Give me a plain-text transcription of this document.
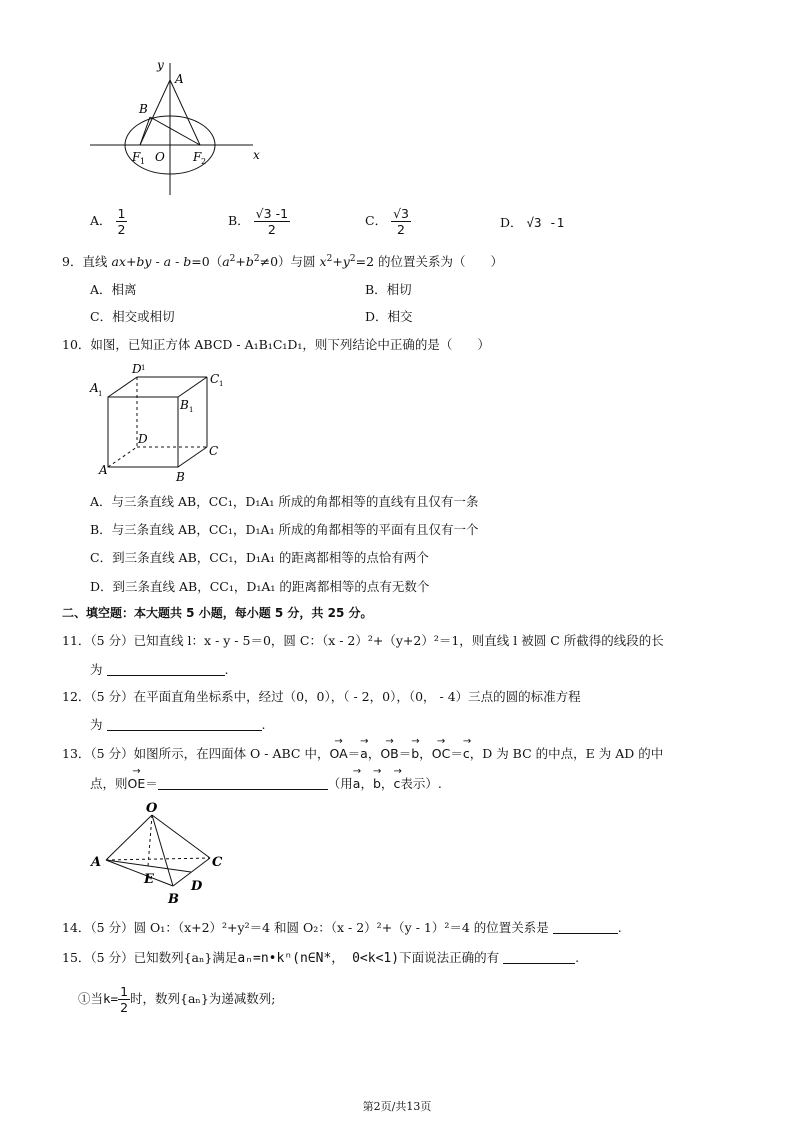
y
A
B
F 1 O F 2	x
A． $\frac{1}{2}$	B． $\frac{√3 -1}{2}$	C． $\frac{√3}{2}$	D． √3 -1
9．直线 $ax+by - a - b=0(a^2+b^2\ne 0)$与圆 $x^2+y^2=2$ 的位置关系为（　　）
A．相离	B．相切
C．相交或相切	D．相交
10．如图，已知正方体 ABCD - A₁B₁C₁D₁，则下列结论中正确的是（　　）
D 1
C 1
A 1
B 1
D
C
A	B
A．与三条直线 AB，CC₁，D₁A₁ 所成的角都相等的直线有且仅有一条
B．与三条直线 AB，CC₁，D₁A₁ 所成的角都相等的平面有且仅有一个
C．到三条直线 AB，CC₁，D₁A₁ 的距离都相等的点恰有两个
D．到三条直线 AB，CC₁，D₁A₁ 的距离都相等的点有无数个
二、填空题：本大题共 5 小题，每小题 5 分，共 25 分。
11．（5 分）已知直线 l：x - y - 5＝0，圆 C：（x - 2）²+（y+2）²＝1，则直线 l 被圆 C 所截得的线段的长
为	.
12．（5 分）在平面直角坐标系中，经过（0，0），（ - 2，0），（0， - 4）三点的圆的标准方程
为	.
13．（5 分）如图所示，在四面体 O - ABC 中，→ OA＝→ a，→ OB＝→ b，→ OC＝→ c，D 为 BC 的中点，E 为 AD 的中
点，则→ OE＝	（用→ a，→ b，→ c表示）.
O
A	C
E	D
B
14．（5 分）圆 O₁：（x+2）²+y²＝4 和圆 O₂：（x - 2）²+（y - 1）²＝4 的位置关系是	.
15．（5 分）已知数列{aₙ}满足aₙ=n•kⁿ(n∈N*， 0<k<1)下面说法正确的有	.
①当$k= \frac{1}{2}$ 时，数列{aₙ}为递减数列;
第2页/共13页
